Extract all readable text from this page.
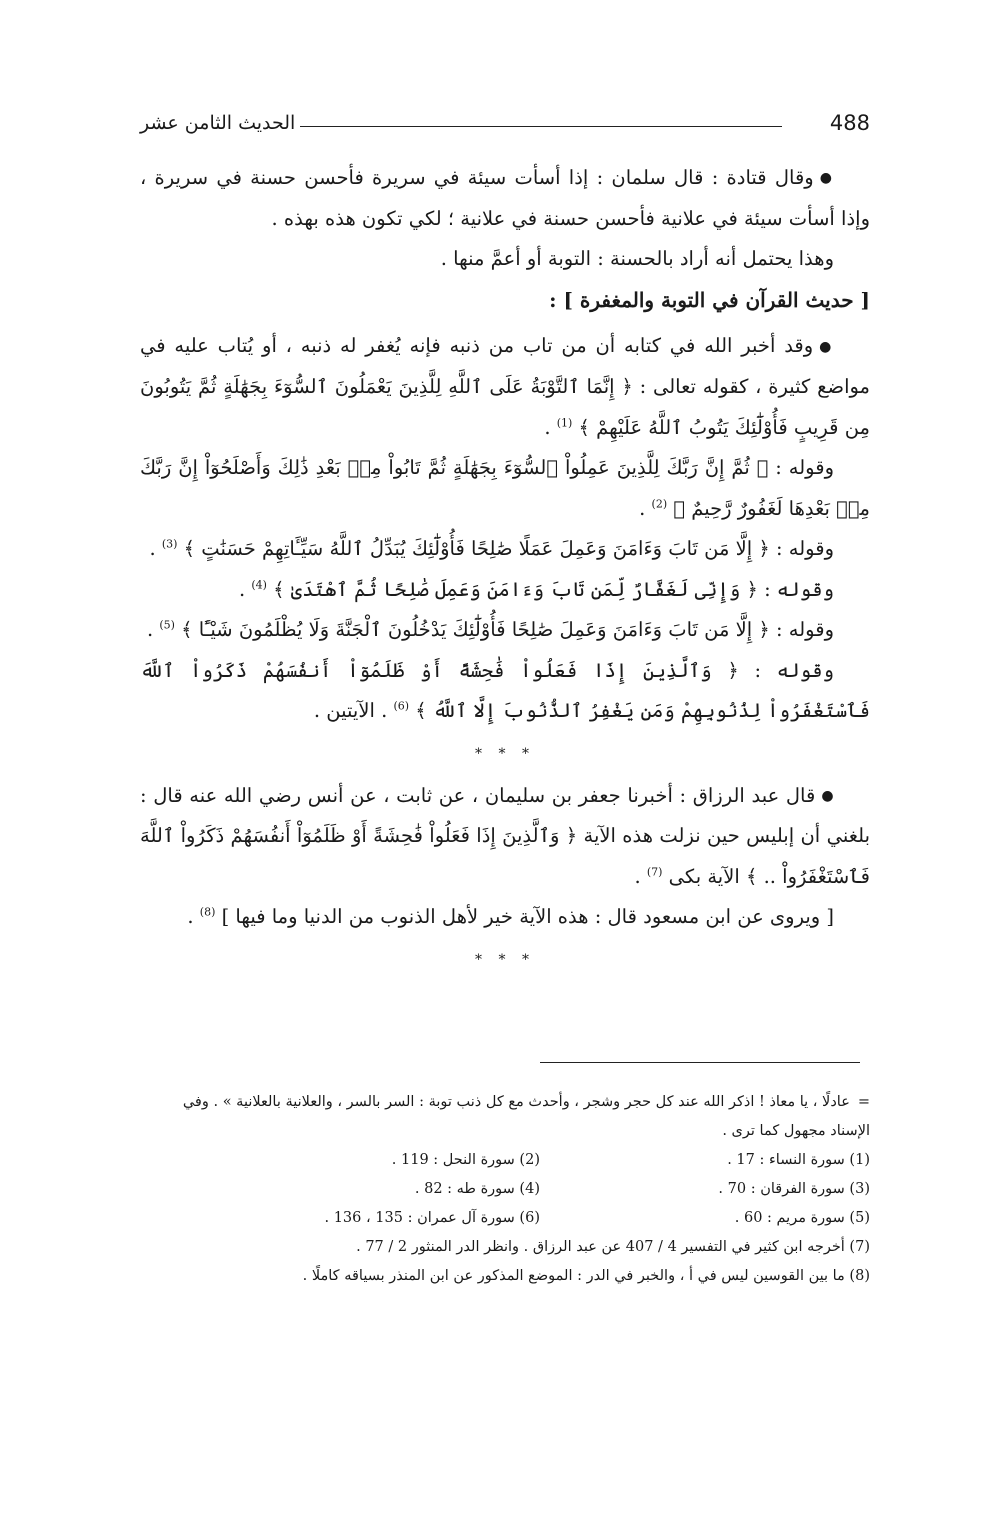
الحديث الثامن عشر	488

●وقال قتادة : قال سلمان : إذا أسأت سيئة في سريرة فأحسن حسنة في سريرة ، وإذا أسأت سيئة في علانية فأحسن حسنة في علانية ؛ لكي تكون هذه بهذه .

وهذا يحتمل أنه أراد بالحسنة : التوبة أو أعمَّ منها .

[ حديث القرآن في التوبة والمغفرة ] :

●وقد أخبر الله في كتابه أن من تاب من ذنبه فإنه يُغفر له ذنبه ، أو يُتاب عليه في مواضع كثيرة ، كقوله تعالى : ﴿ إِنَّمَا ٱلتَّوْبَةُ عَلَى ٱللَّهِ لِلَّذِينَ يَعْمَلُونَ ٱلسُّوٓءَ بِجَهَٰلَةٍ ثُمَّ يَتُوبُونَ مِن قَرِيبٍ فَأُوْلَٰٓئِكَ يَتُوبُ ٱللَّهُ عَلَيْهِمْ ﴾ $^{(1)}$ .

وقوله : ﴿ ثُمَّ إِنَّ رَبَّكَ لِلَّذِينَ عَمِلُواْ ٱلسُّوٓءَ بِجَهَٰلَةٍ ثُمَّ تَابُواْ مِنۢ بَعْدِ ذَٰلِكَ وَأَصْلَحُوٓاْ إِنَّ رَبَّكَ مِنۢ بَعْدِهَا لَغَفُورٌ رَّحِيمٌ ﴾ $^{(2)}$ .

وقوله : ﴿ إِلَّا مَن تَابَ وَءَامَنَ وَعَمِلَ عَمَلًا صَٰلِحًا فَأُوْلَٰٓئِكَ يُبَدِّلُ ٱللَّهُ سَيِّـَٔاتِهِمْ حَسَنَٰتٍ ﴾ $^{(3)}$ .

وقوله : ﴿ وَإِنِّى لَغَفَّارٌ لِّمَن تَابَ وَءَامَنَ وَعَمِلَ صَٰلِحًا ثُمَّ ٱهْتَدَىٰ ﴾ $^{(4)}$ .

وقوله : ﴿ إِلَّا مَن تَابَ وَءَامَنَ وَعَمِلَ صَٰلِحًا فَأُوْلَٰٓئِكَ يَدْخُلُونَ ٱلْجَنَّةَ وَلَا يُظْلَمُونَ شَيْـًٔا ﴾ $^{(5)}$ .

وقوله : ﴿ وَٱلَّذِينَ إِذَا فَعَلُواْ فَٰحِشَةً أَوْ ظَلَمُوٓاْ أَنفُسَهُمْ ذَكَرُواْ ٱللَّهَ فَٱسْتَغْفَرُواْ لِذُنُوبِهِمْ وَمَن يَغْفِرُ ٱلذُّنُوبَ إِلَّا ٱللَّهُ ﴾ $^{(6)}$ . الآيتين .

* * *

●قال عبد الرزاق : أخبرنا جعفر بن سليمان ، عن ثابت ، عن أنس رضي الله عنه قال : بلغني أن إبليس حين نزلت هذه الآية ﴿ وَٱلَّذِينَ إِذَا فَعَلُواْ فَٰحِشَةً أَوْ ظَلَمُوٓاْ أَنفُسَهُمْ ذَكَرُواْ ٱللَّهَ فَٱسْتَغْفَرُواْ .. ﴾ الآية بكى $^{(7)}$ .

[ ويروى عن ابن مسعود قال : هذه الآية خير لأهل الذنوب من الدنيا وما فيها ] $^{(8)}$ .

* * *

=عادلًا ، يا معاذ ! اذكر الله عند كل حجر وشجر ، وأحدث مع كل ذنب توبة : السر بالسر ، والعلانية بالعلانية » . وفي الإسناد مجهول كما ترى .

(1) سورة النساء : 17 .
(2) سورة النحل : 119 .
(3) سورة الفرقان : 70 .
(4) سورة طه : 82 .
(5) سورة مريم : 60 .
(6) سورة آل عمران : 135 ، 136 .

(7) أخرجه ابن كثير في التفسير 4 / 407 عن عبد الرزاق . وانظر الدر المنثور 2 / 77 .

(8) ما بين القوسين ليس في أ ، والخبر في الدر : الموضع المذكور عن ابن المنذر بسياقه كاملًا .
